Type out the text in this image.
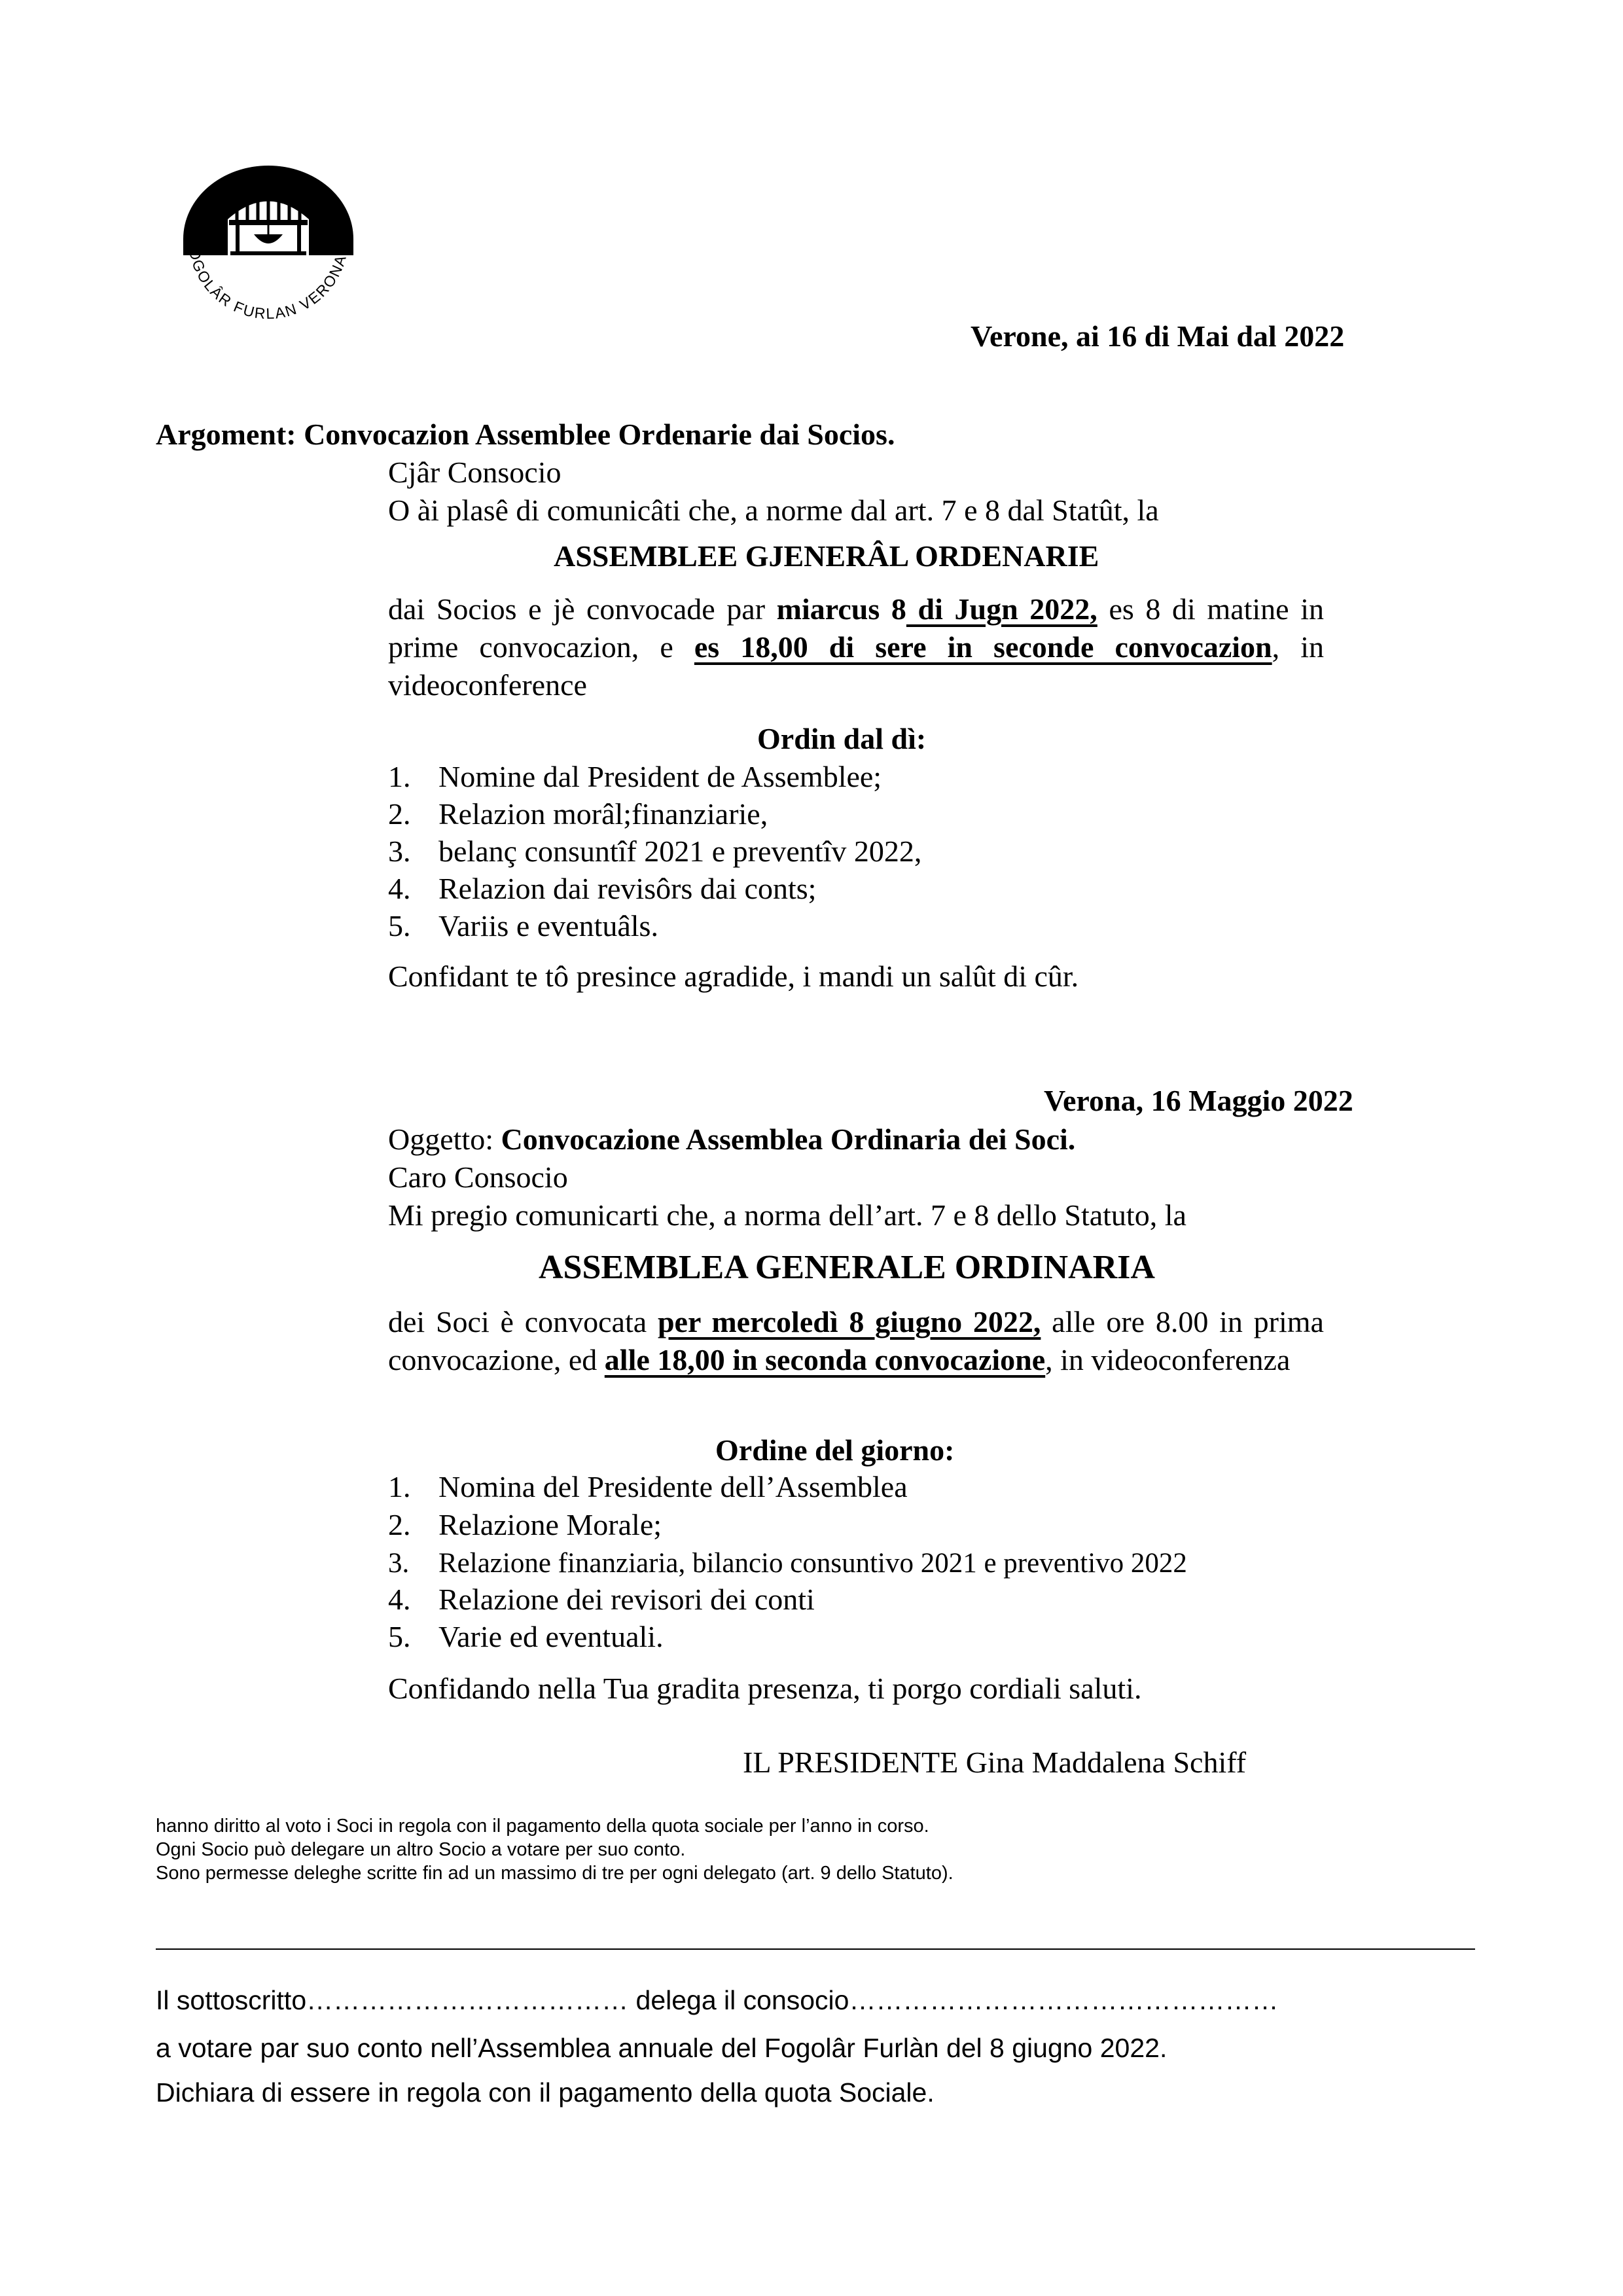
FOGOLÂR FURLAN VERONA
Verone, ai 16 di Mai dal 2022
Argoment: Convocazion Assemblee Ordenarie dai Socios.
Cjâr Consocio
O ài plasê di comunicâti che, a norme dal art. 7 e 8 dal Statût, la
ASSEMBLEE GJENERÂL ORDENARIE
dai Socios e jè convocade par miarcus 8 di Jugn 2022, es 8 di matine in prime convocazion, e es 18,00 di sere in seconde convocazion, in videoconference
Ordin dal dì:
1. Nomine dal President de Assemblee;
2. Relazion morâl;finanziarie,
3. belanç consuntîf 2021 e preventîv 2022,
4. Relazion dai revisôrs dai conts;
5. Variis e eventuâls.
Confidant te tô presince agradide, i mandi un salût di cûr.
Verona, 16 Maggio 2022
Oggetto: Convocazione Assemblea Ordinaria dei Soci.
Caro Consocio
Mi pregio comunicarti che, a norma dell’art. 7 e 8 dello Statuto, la
ASSEMBLEA GENERALE ORDINARIA
dei Soci è convocata per mercoledì 8 giugno 2022, alle ore 8.00 in prima convocazione, ed alle 18,00 in seconda convocazione, in videoconferenza
Ordine del giorno:
1. Nomina del Presidente dell’Assemblea
2. Relazione Morale;
3. Relazione finanziaria, bilancio consuntivo 2021 e preventivo 2022
4. Relazione dei revisori dei conti
5. Varie ed eventuali.
Confidando nella Tua gradita presenza, ti porgo cordiali saluti.
IL PRESIDENTE Gina Maddalena Schiff
hanno diritto al voto i Soci in regola con il pagamento della quota sociale per l’anno in corso.
Ogni Socio può delegare un altro Socio a votare per suo conto.
Sono permesse deleghe scritte fin ad un massimo di tre per ogni delegato (art. 9 dello Statuto).
Il sottoscritto……………………………… delega il consocio…………………………………………
a votare par suo conto nell’Assemblea annuale del Fogolâr Furlàn del 8 giugno 2022.
Dichiara di essere in regola con il pagamento della quota Sociale.
